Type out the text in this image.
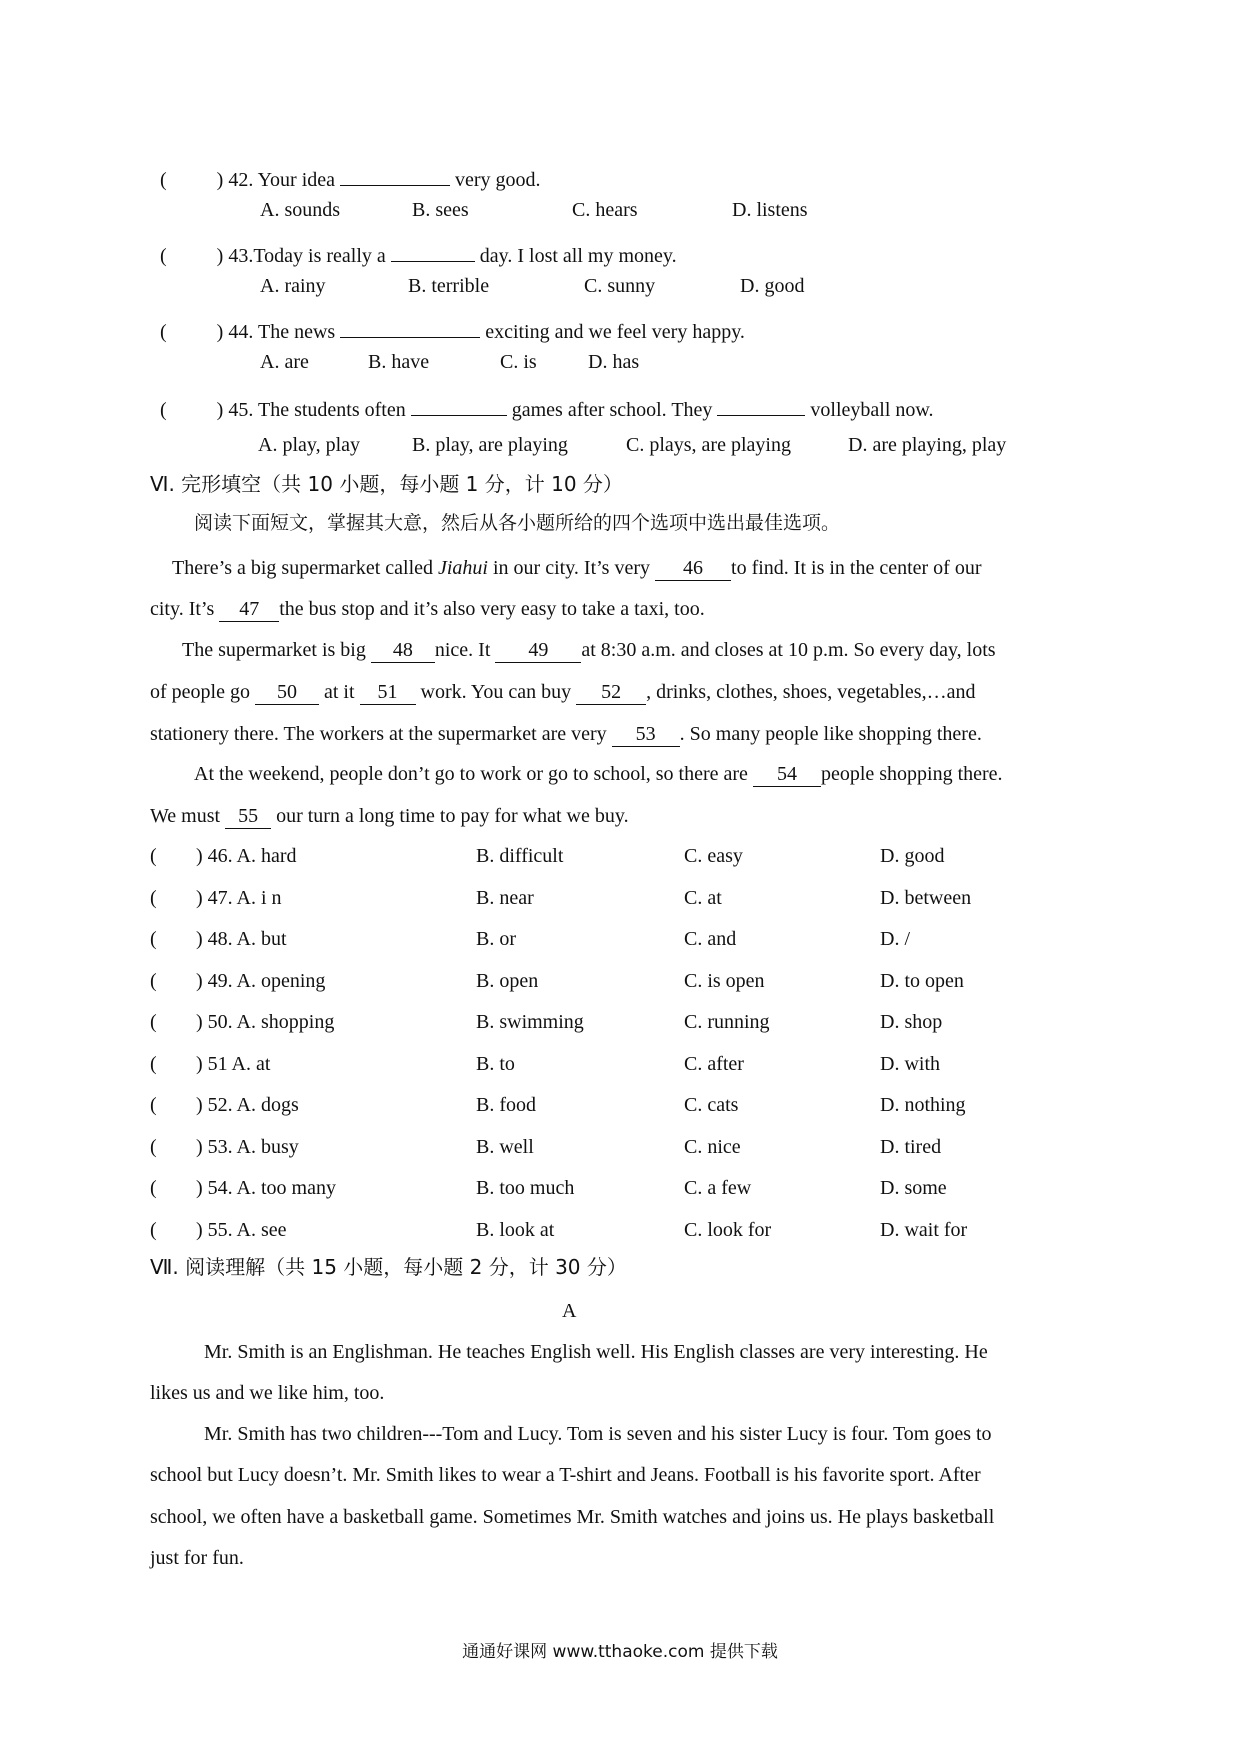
(	) 42. Your idea	very good.
A. sounds	B. sees	C. hears	D. listens
(	) 43.Today is really a	day. I lost all my money.
A. rainy	B. terrible	C. sunny	D. good
(	) 44. The news	exciting and we feel very happy.
A. are	B. have	C. is	D. has
(	) 45. The students often	games after school. They	volleyball now.
A. play, play	B. play, are playing	C. plays, are playing	D. are playing, play
Ⅵ. 完形填空（共 10 小题，每小题 1 分，计 10 分）
阅读下面短文，掌握其大意，然后从各小题所给的四个选项中选出最佳选项。
There’s a big supermarket called Jiahui in our city. It’s very 46 to find. It is in the center of our
city. It’s 47 the bus stop and it’s also very easy to take a taxi, too.
The supermarket is big 48 nice. It 49 at 8:30 a.m. and closes at 10 p.m. So every day, lots
of people go 50 at it 51 work. You can buy 52 , drinks, clothes, shoes, vegetables,…and
stationery there. The workers at the supermarket are very 53 . So many people like shopping there.
At the weekend, people don’t go to work or go to school, so there are 54 people shopping there.
We must 55 our turn a long time to pay for what we buy.
( ) 46. A. hard	B. difficult	C. easy	D. good
( ) 47. A. i n	B. near	C. at	D. between
( ) 48. A. but	B. or	C. and	D. /
( ) 49. A. opening	B. open	C. is open	D. to open
( ) 50. A. shopping	B. swimming	C. running	D. shop
( ) 51 A. at	B. to	C. after	D. with
( ) 52. A. dogs	B. food	C. cats	D. nothing
( ) 53. A. busy	B. well	C. nice	D. tired
( ) 54. A. too many	B. too much	C. a few	D. some
( ) 55. A. see	B. look at	C. look for	D. wait for
Ⅶ. 阅读理解（共 15 小题，每小题 2 分，计 30 分）
A
Mr. Smith is an Englishman. He teaches English well. His English classes are very interesting. He
likes us and we like him, too.
Mr. Smith has two children---Tom and Lucy. Tom is seven and his sister Lucy is four. Tom goes to
school but Lucy doesn’t. Mr. Smith likes to wear a T-shirt and Jeans. Football is his favorite sport. After
school, we often have a basketball game. Sometimes Mr. Smith watches and joins us. He plays basketball
just for fun.
通通好课网 www.tthaoke.com 提供下载
